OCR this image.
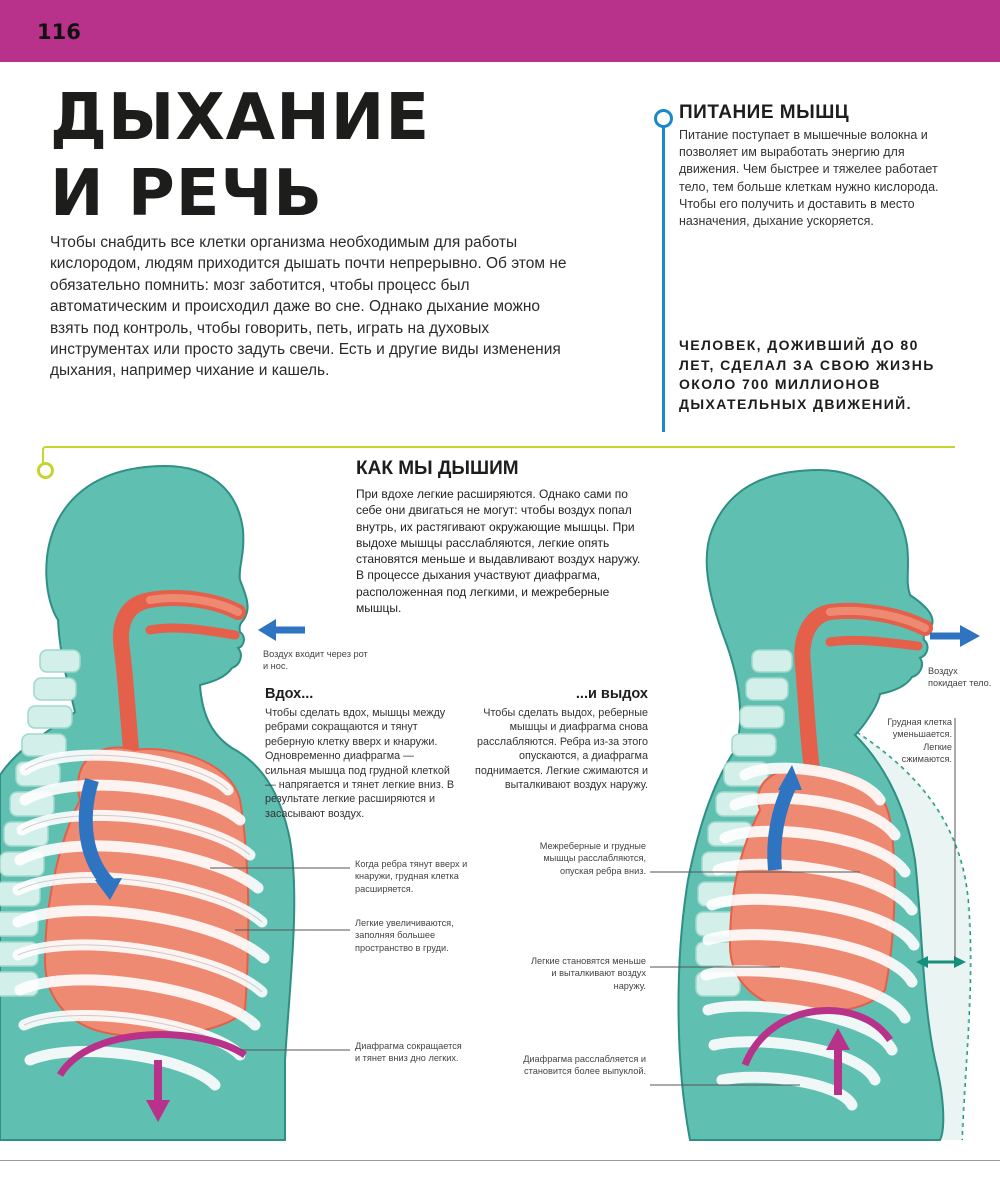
116
ДЫХАНИЕ
И РЕЧЬ
Чтобы снабдить все клетки организма необходимым для работы кислородом, людям приходится дышать почти непрерывно. Об этом не обязательно помнить: мозг заботится, чтобы процесс был автоматическим и происходил даже во сне. Однако дыхание можно взять под контроль, чтобы говорить, петь, играть на духовых инструментах или просто задуть свечи. Есть и другие виды изменения дыхания, например чихание и кашель.
ПИТАНИЕ МЫШЦ
Питание поступает в мышечные волокна и позволяет им выработать энергию для движения. Чем быстрее и тяжелее работает тело, тем больше клеткам нужно кислорода. Чтобы его получить и доставить в место назначения, дыхание ускоряется.
ЧЕЛОВЕК, ДОЖИВШИЙ ДО 80 ЛЕТ, СДЕЛАЛ ЗА СВОЮ ЖИЗНЬ ОКОЛО 700 МИЛЛИОНОВ ДЫХАТЕЛЬНЫХ ДВИЖЕНИЙ.
КАК МЫ ДЫШИМ
При вдохе легкие расширяются. Однако сами по себе они двигаться не могут: чтобы воздух попал внутрь, их растягивают окружающие мышцы. При выдохе мышцы расслабляются, легкие опять становятся меньше и выдавливают воздух наружу. В процессе дыхания участвуют диафрагма, расположенная под легкими, и межреберные мышцы.
Воздух входит через рот и нос.
Вдох...
Чтобы сделать вдох, мышцы между ребрами сокращаются и тянут реберную клетку вверх и кнаружи. Одновременно диафрагма — сильная мышца под грудной клеткой — напрягается и тянет легкие вниз. В результате легкие расширяются и засасывают воздух.
Когда ребра тянут вверх и кнаружи, грудная клетка расширяется.
Легкие увеличиваются, заполняя большее пространство в груди.
Диафрагма сокращается и тянет вниз дно легких.
...и выдох
Чтобы сделать выдох, реберные мышцы и диафрагма снова расслабляются. Ребра из-за этого опускаются, а диафрагма поднимается. Легкие сжимаются и выталкивают воздух наружу.
Воздух покидает тело.
Грудная клетка уменьшается. Легкие сжимаются.
Межреберные и грудные мышцы расслабляются, опуская ребра вниз.
Легкие становятся меньше и выталкивают воздух наружу.
Диафрагма расслабляется и становится более выпуклой.
